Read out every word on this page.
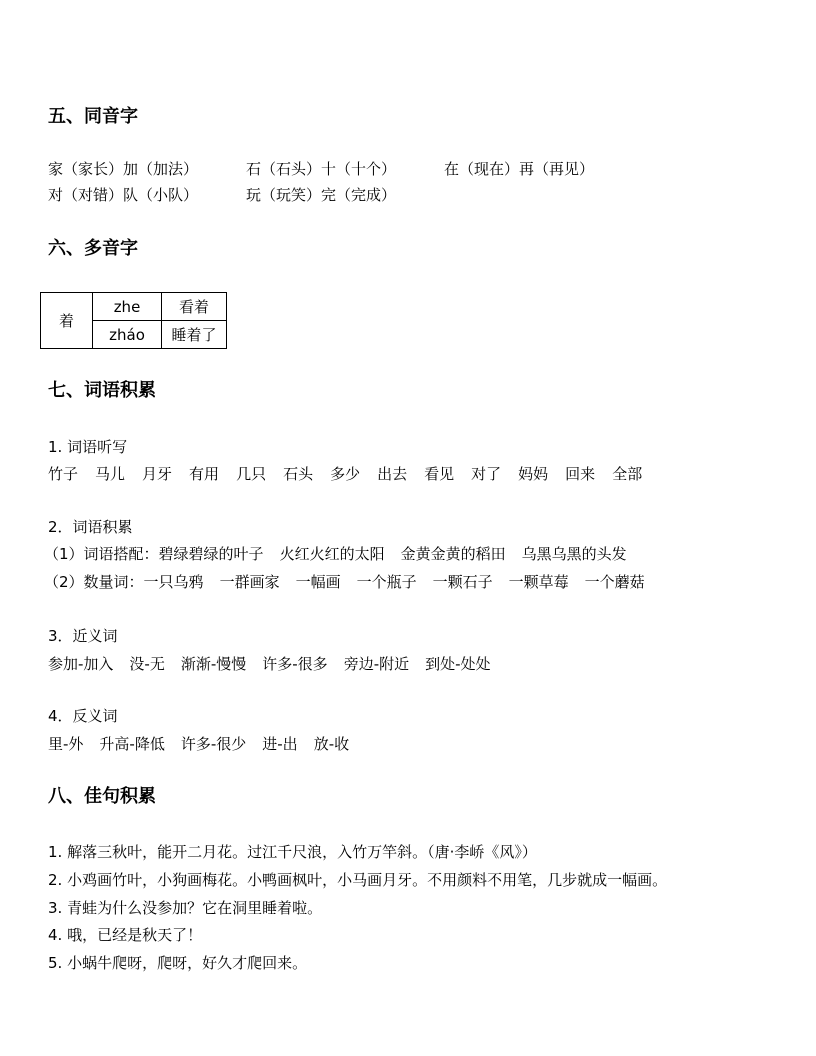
五、同音字
家（家长）加（加法）	石（石头）十（十个）	在（现在）再（再见）
对（对错）队（小队）	玩（玩笑）完（完成）
六、多音字
着	zhe	看着
	zháo	睡着了
七、词语积累
1. 词语听写
竹子 马儿 月牙 有用 几只 石头 多少 出去 看见 对了 妈妈 回来 全部
2．词语积累
（1）词语搭配：碧绿碧绿的叶子 火红火红的太阳 金黄金黄的稻田 乌黑乌黑的头发
（2）数量词：一只乌鸦 一群画家 一幅画 一个瓶子 一颗石子 一颗草莓 一个蘑菇
3．近义词
参加-加入 没-无 渐渐-慢慢 许多-很多 旁边-附近 到处-处处
4．反义词
里-外 升高-降低 许多-很少 进-出 放-收
八、佳句积累
1. 解落三秋叶，能开二月花。过江千尺浪，入竹万竿斜。（唐·李峤《风》）
2. 小鸡画竹叶，小狗画梅花。小鸭画枫叶，小马画月牙。不用颜料不用笔，几步就成一幅画。
3. 青蛙为什么没参加？它在洞里睡着啦。
4. 哦，已经是秋天了！
5. 小蜗牛爬呀，爬呀，好久才爬回来。
